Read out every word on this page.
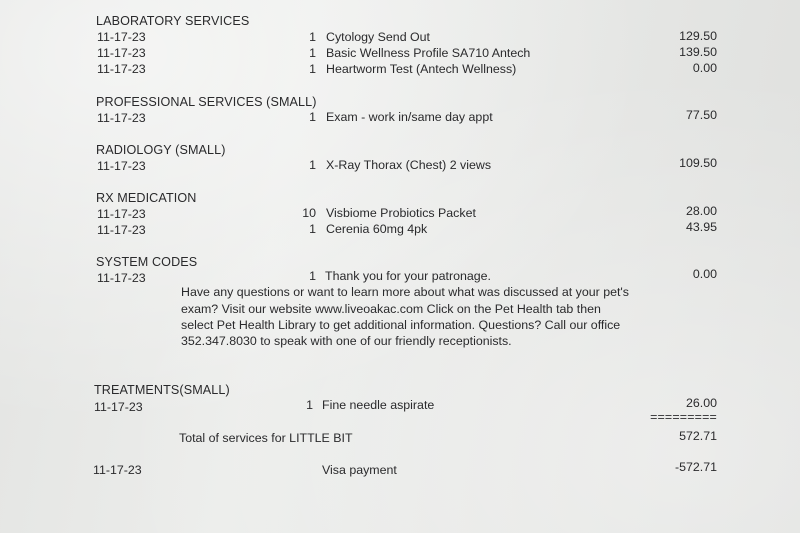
LABORATORY SERVICES
11-17-23	1 Cytology Send Out	129.50
11-17-23	1 Basic Wellness Profile SA710 Antech	139.50
11-17-23	1 Heartworm Test (Antech Wellness)	0.00
PROFESSIONAL SERVICES (SMALL)
11-17-23	1 Exam - work in/same day appt	77.50
RADIOLOGY (SMALL)
11-17-23	1 X-Ray Thorax (Chest) 2 views	109.50
RX MEDICATION
11-17-23	10 Visbiome Probiotics Packet	28.00
11-17-23	1 Cerenia 60mg 4pk	43.95
SYSTEM CODES
11-17-23	1 Thank you for your patronage.	0.00
Have any questions or want to learn more about what was discussed at your pet's
exam? Visit our website www.liveoakac.com Click on the Pet Health tab then
select Pet Health Library to get additional information. Questions? Call our office
352.347.8030 to speak with one of our friendly receptionists.
TREATMENTS(SMALL)
11-17-23	1 Fine needle aspirate	26.00
=========
Total of services for LITTLE BIT	572.71
11-17-23	Visa payment	-572.71
